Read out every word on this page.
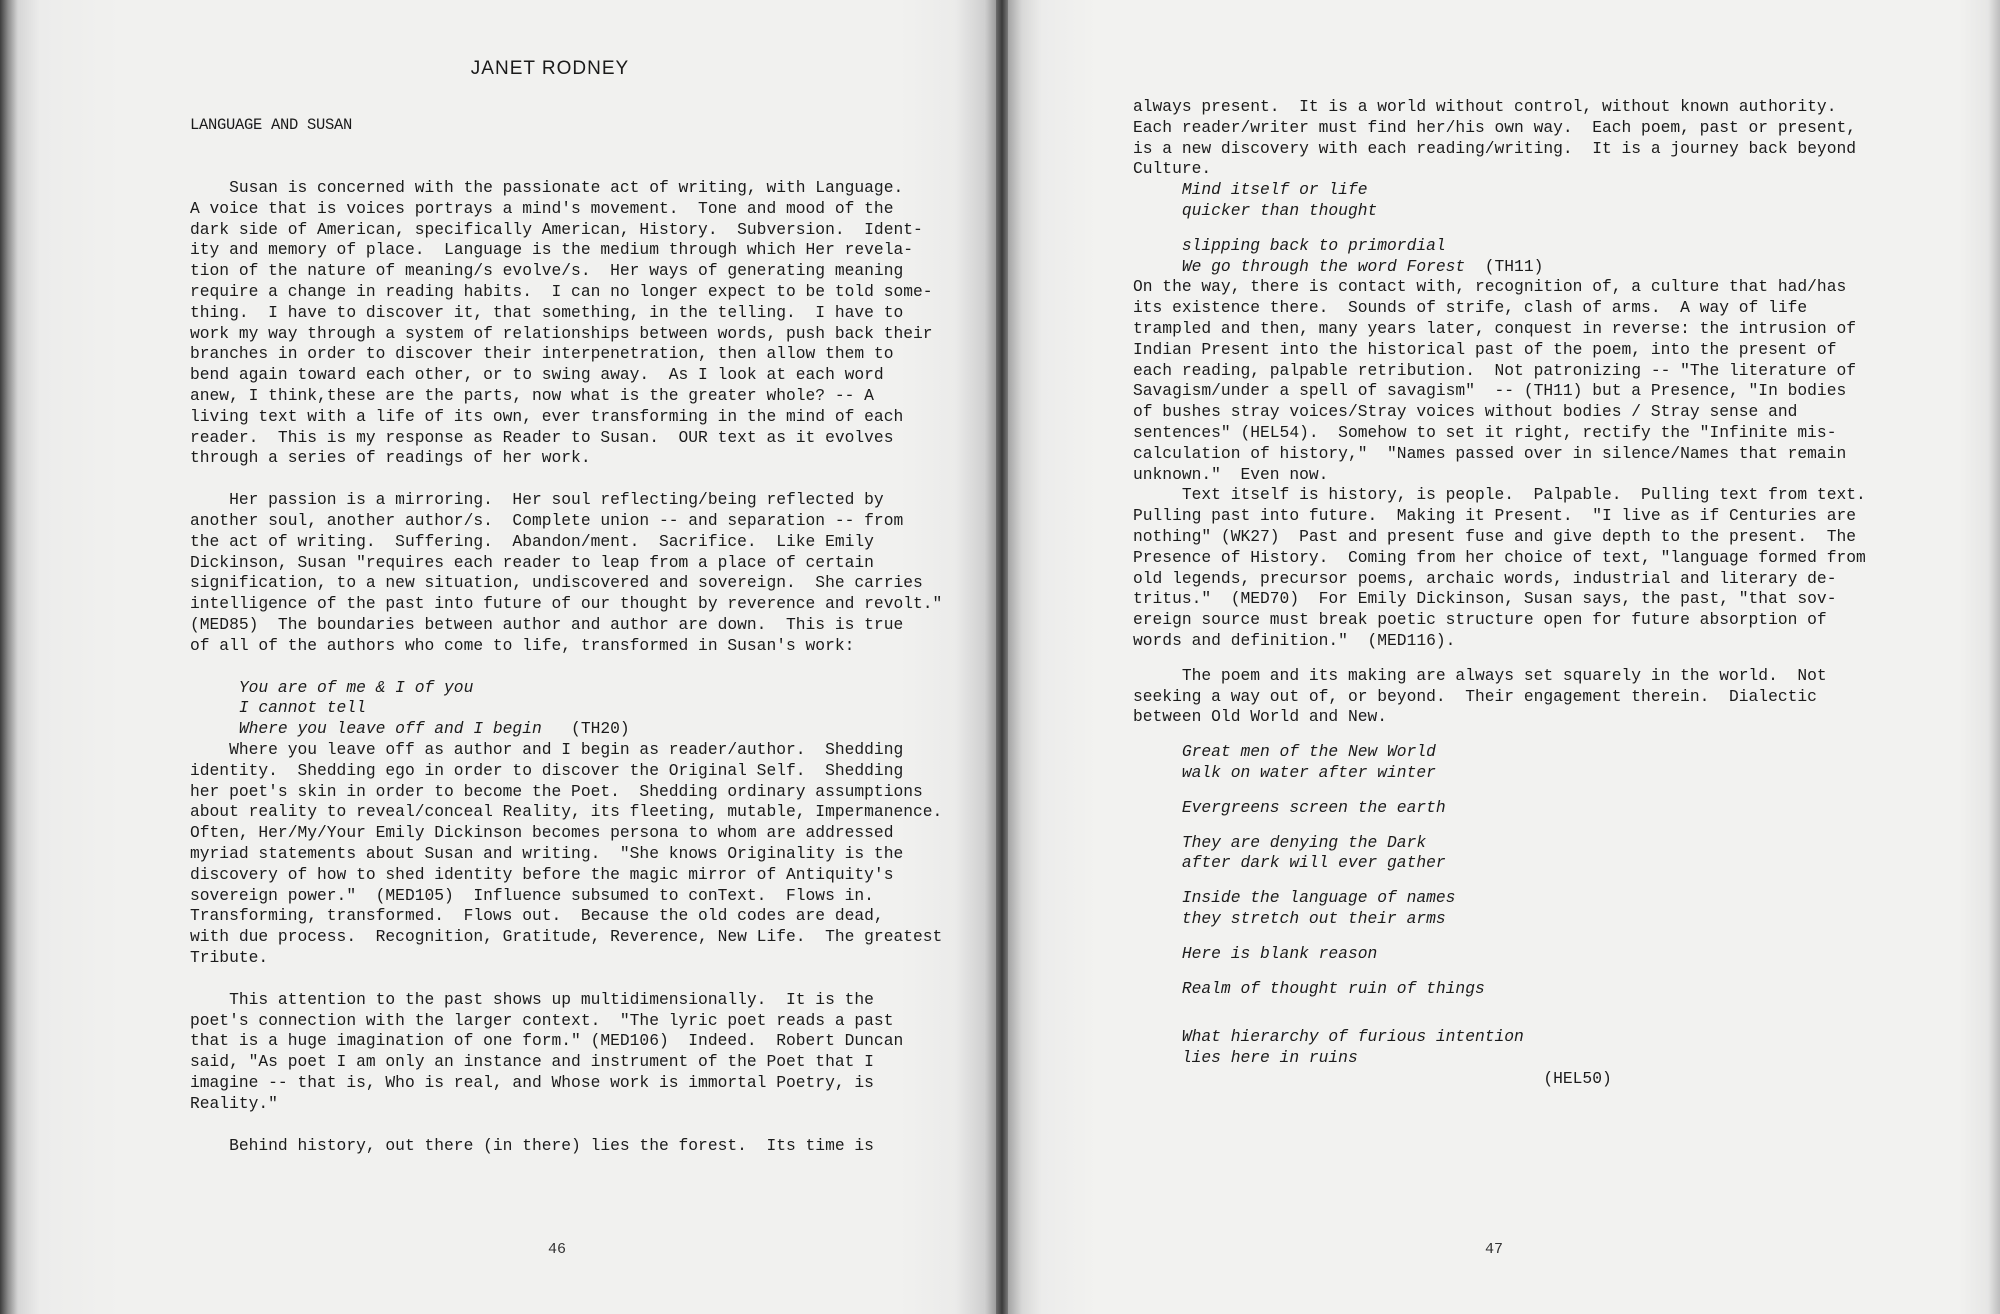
JANET RODNEY
LANGUAGE AND SUSAN
Susan is concerned with the passionate act of writing, with Language.
A voice that is voices portrays a mind's movement.  Tone and mood of the
dark side of American, specifically American, History.  Subversion.  Ident-
ity and memory of place.  Language is the medium through which Her revela-
tion of the nature of meaning/s evolve/s.  Her ways of generating meaning
require a change in reading habits.  I can no longer expect to be told some-
thing.  I have to discover it, that something, in the telling.  I have to
work my way through a system of relationships between words, push back their
branches in order to discover their interpenetration, then allow them to
bend again toward each other, or to swing away.  As I look at each word
anew, I think,these are the parts, now what is the greater whole? -- A
living text with a life of its own, ever transforming in the mind of each
reader.  This is my response as Reader to Susan.  OUR text as it evolves
through a series of readings of her work.
Her passion is a mirroring.  Her soul reflecting/being reflected by
another soul, another author/s.  Complete union -- and separation -- from
the act of writing.  Suffering.  Abandon/ment.  Sacrifice.  Like Emily
Dickinson, Susan "requires each reader to leap from a place of certain
signification, to a new situation, undiscovered and sovereign.  She carries
intelligence of the past into future of our thought by reverence and revolt."
(MED85)  The boundaries between author and author are down.  This is true
of all of the authors who come to life, transformed in Susan's work:
You are of me & I of you
I cannot tell
Where you leave off and I begin   (TH20)
Where you leave off as author and I begin as reader/author.  Shedding
identity.  Shedding ego in order to discover the Original Self.  Shedding
her poet's skin in order to become the Poet.  Shedding ordinary assumptions
about reality to reveal/conceal Reality, its fleeting, mutable, Impermanence.
Often, Her/My/Your Emily Dickinson becomes persona to whom are addressed
myriad statements about Susan and writing.  "She knows Originality is the
discovery of how to shed identity before the magic mirror of Antiquity's
sovereign power."  (MED105)  Influence subsumed to conText.  Flows in.
Transforming, transformed.  Flows out.  Because the old codes are dead,
with due process.  Recognition, Gratitude, Reverence, New Life.  The greatest
Tribute.
This attention to the past shows up multidimensionally.  It is the
poet's connection with the larger context.  "The lyric poet reads a past
that is a huge imagination of one form." (MED106)  Indeed.  Robert Duncan
said, "As poet I am only an instance and instrument of the Poet that I
imagine -- that is, Who is real, and Whose work is immortal Poetry, is
Reality."
Behind history, out there (in there) lies the forest.  Its time is
46
always present.  It is a world without control, without known authority.
Each reader/writer must find her/his own way.  Each poem, past or present,
is a new discovery with each reading/writing.  It is a journey back beyond
Culture.
Mind itself or life
quicker than thought
slipping back to primordial
We go through the word Forest  (TH11)
On the way, there is contact with, recognition of, a culture that had/has
its existence there.  Sounds of strife, clash of arms.  A way of life
trampled and then, many years later, conquest in reverse: the intrusion of
Indian Present into the historical past of the poem, into the present of
each reading, palpable retribution.  Not patronizing -- "The literature of
Savagism/under a spell of savagism"  -- (TH11) but a Presence, "In bodies
of bushes stray voices/Stray voices without bodies / Stray sense and
sentences" (HEL54).  Somehow to set it right, rectify the "Infinite mis-
calculation of history,"  "Names passed over in silence/Names that remain
unknown."  Even now.
Text itself is history, is people.  Palpable.  Pulling text from text.
Pulling past into future.  Making it Present.  "I live as if Centuries are
nothing" (WK27)  Past and present fuse and give depth to the present.  The
Presence of History.  Coming from her choice of text, "language formed from
old legends, precursor poems, archaic words, industrial and literary de-
tritus."  (MED70)  For Emily Dickinson, Susan says, the past, "that sov-
ereign source must break poetic structure open for future absorption of
words and definition."  (MED116).
The poem and its making are always set squarely in the world.  Not
seeking a way out of, or beyond.  Their engagement therein.  Dialectic
between Old World and New.
Great men of the New World
walk on water after winter
Evergreens screen the earth
They are denying the Dark
after dark will ever gather
Inside the language of names
they stretch out their arms
Here is blank reason
Realm of thought ruin of things
What hierarchy of furious intention
lies here in ruins
(HEL50)
47
